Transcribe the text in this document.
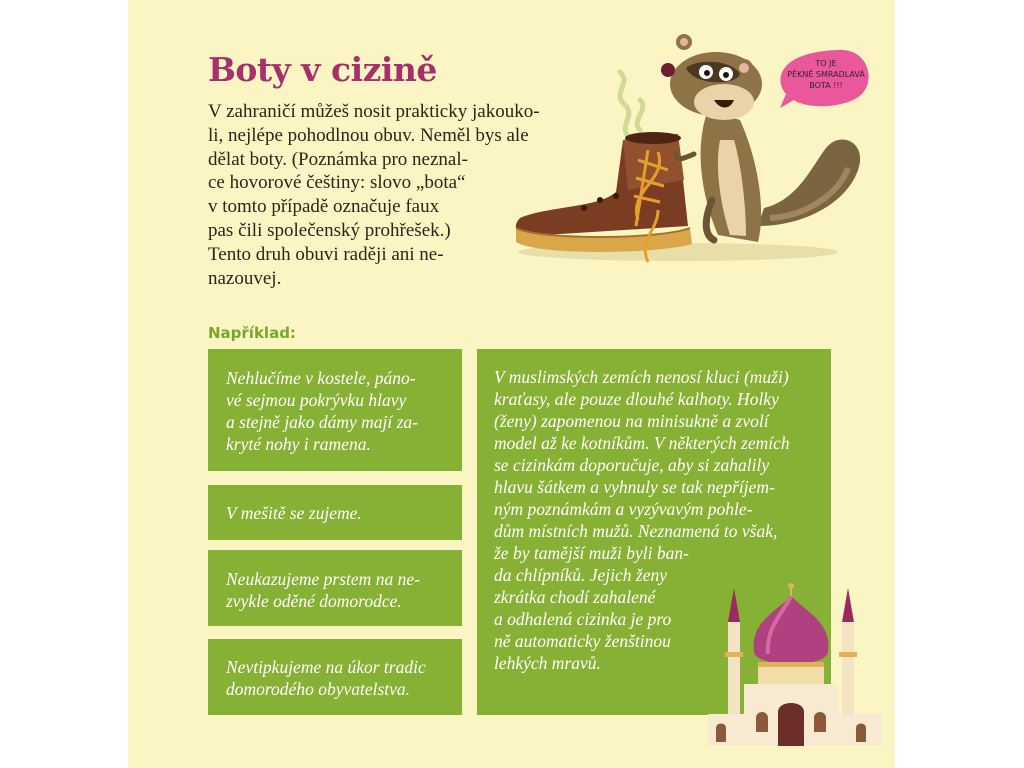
Boty v cizině
V zahraničí můžeš nosit prakticky jakouko-
li, nejlépe pohodlnou obuv. Neměl bys ale
dělat boty. (Poznámka pro neznal-
ce hovorové češtiny: slovo „bota“
v tomto případě označuje faux
pas čili společenský prohřešek.)
Tento druh obuvi raději ani ne-
nazouvej.
TO JE
PĚKNĚ SMRADLAVÁ
BOTA !!!
Například:
Nehlučíme v kostele, páno-
vé sejmou pokrývku hlavy
a stejně jako dámy mají za-
kryté nohy i ramena.
V mešitě se zujeme.
Neukazujeme prstem na ne-
zvykle oděné domorodce.
Nevtipkujeme na úkor tradic
domorodého obyvatelstva.
V muslimských zemích nenosí kluci (muži)
kraťasy, ale pouze dlouhé kalhoty. Holky
(ženy) zapomenou na minisukně a zvolí
model až ke kotníkům. V některých zemích
se cizinkám doporučuje, aby si zahalily
hlavu šátkem a vyhnuly se tak nepříjem-
ným poznámkám a vyzývavým pohle-
dům místních mužů. Neznamená to však,
že by tamější muži byli ban-
da chlípníků. Jejich ženy
zkrátka chodí zahalené
a odhalená cizinka je pro
ně automaticky ženštinou
lehkých mravů.
